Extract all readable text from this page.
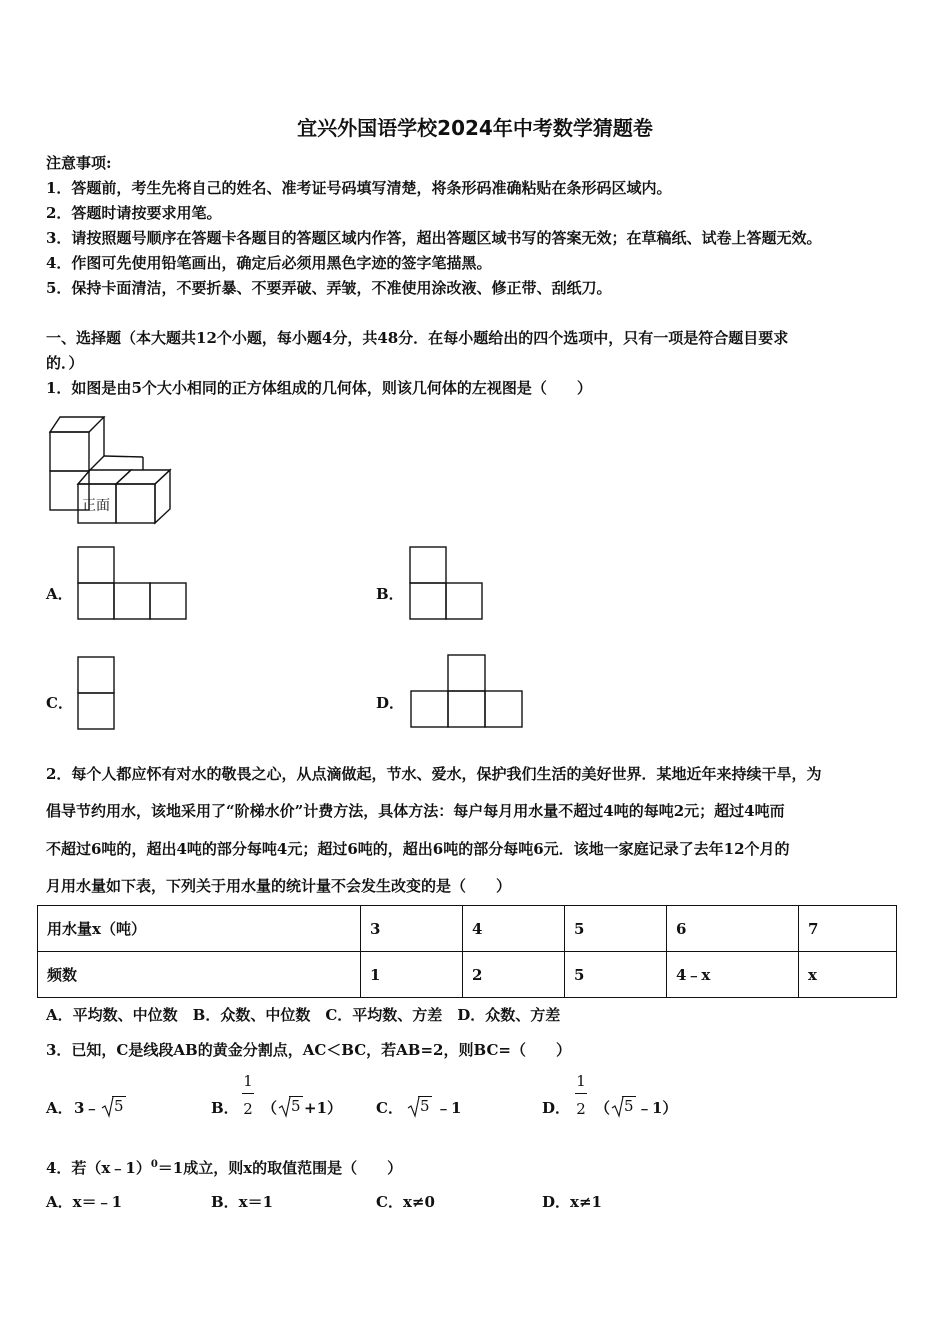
宜兴外国语学校2024年中考数学猜题卷
注意事项:
1．答题前，考生先将自己的姓名、准考证号码填写清楚，将条形码准确粘贴在条形码区域内。
2．答题时请按要求用笔。
3．请按照题号顺序在答题卡各题目的答题区域内作答，超出答题区域书写的答案无效；在草稿纸、试卷上答题无效。
4．作图可先使用铅笔画出，确定后必须用黑色字迹的签字笔描黑。
5．保持卡面清洁，不要折暴、不要弄破、弄皱，不准使用涂改液、修正带、刮纸刀。
一、选择题（本大题共12个小题，每小题4分，共48分．在每小题给出的四个选项中，只有一项是符合题目要求
的．）
1．如图是由5个大小相同的正方体组成的几何体，则该几何体的左视图是（　　）
正面
A．	B．
C．	D．
2．每个人都应怀有对水的敬畏之心，从点滴做起，节水、爱水，保护我们生活的美好世界．某地近年来持续干旱，为
倡导节约用水，该地采用了“阶梯水价”计费方法，具体方法：每户每月用水量不超过4吨的每吨2元；超过4吨而
不超过6吨的，超出4吨的部分每吨4元；超过6吨的，超出6吨的部分每吨6元．该地一家庭记录了去年12个月的
月用水量如下表，下列关于用水量的统计量不会发生改变的是（　　）
用水量x（吨）	3	4	5	6	7
频数	1	2	5	4﹣x	x
A．平均数、中位数　B．众数、中位数　C．平均数、方差　D．众数、方差
3．已知，C是线段AB的黄金分割点，AC＜BC，若AB=2，则BC=（　　）
A． 3﹣ 5	B．
1
2 （ 5 +1） C． 5 ﹣1	D．
1
2 （ 5 ﹣1）
4．若（x﹣1）$^0$＝1成立，则x的取值范围是（　　）
A．x＝﹣1	B．x＝1	C．x≠0	D．x≠1
